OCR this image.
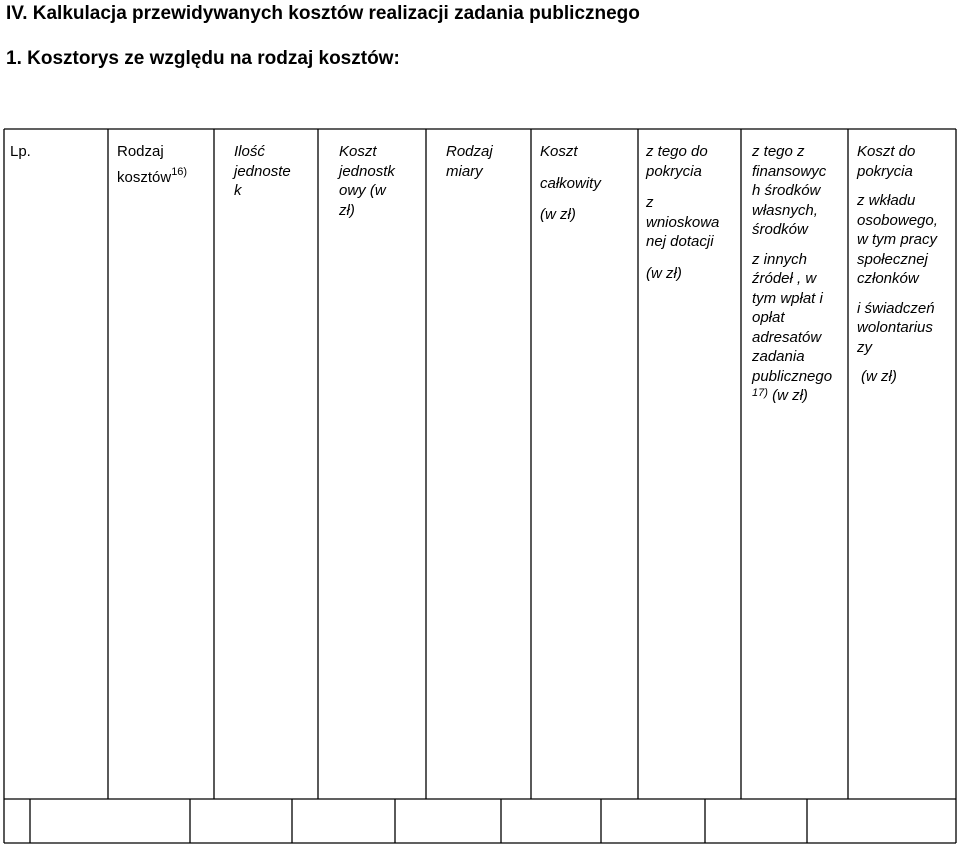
IV. Kalkulacja przewidywanych kosztów realizacji zadania publicznego
1. Kosztorys ze względu na rodzaj kosztów:

Lp.	Rodzaj

kosztów$^{16)}$

Ilość

jednoste

k

Koszt

jednostk

owy (w

zł)

Rodzaj

miary

Koszt

całkowity

(w zł)

z tego do

pokrycia

z

wnioskowa

nej dotacji

(w zł)

z tego z

finansowyc

h środków

własnych,

środków

z innych

źródeł , w

tym wpłat i

opłat

adresatów

zadania

publicznego

$^{17)}$ (w zł)

Koszt do

pokrycia

z wkładu

osobowego,

w tym pracy

społecznej

członków

i świadczeń

wolontarius

zy

(w zł)
